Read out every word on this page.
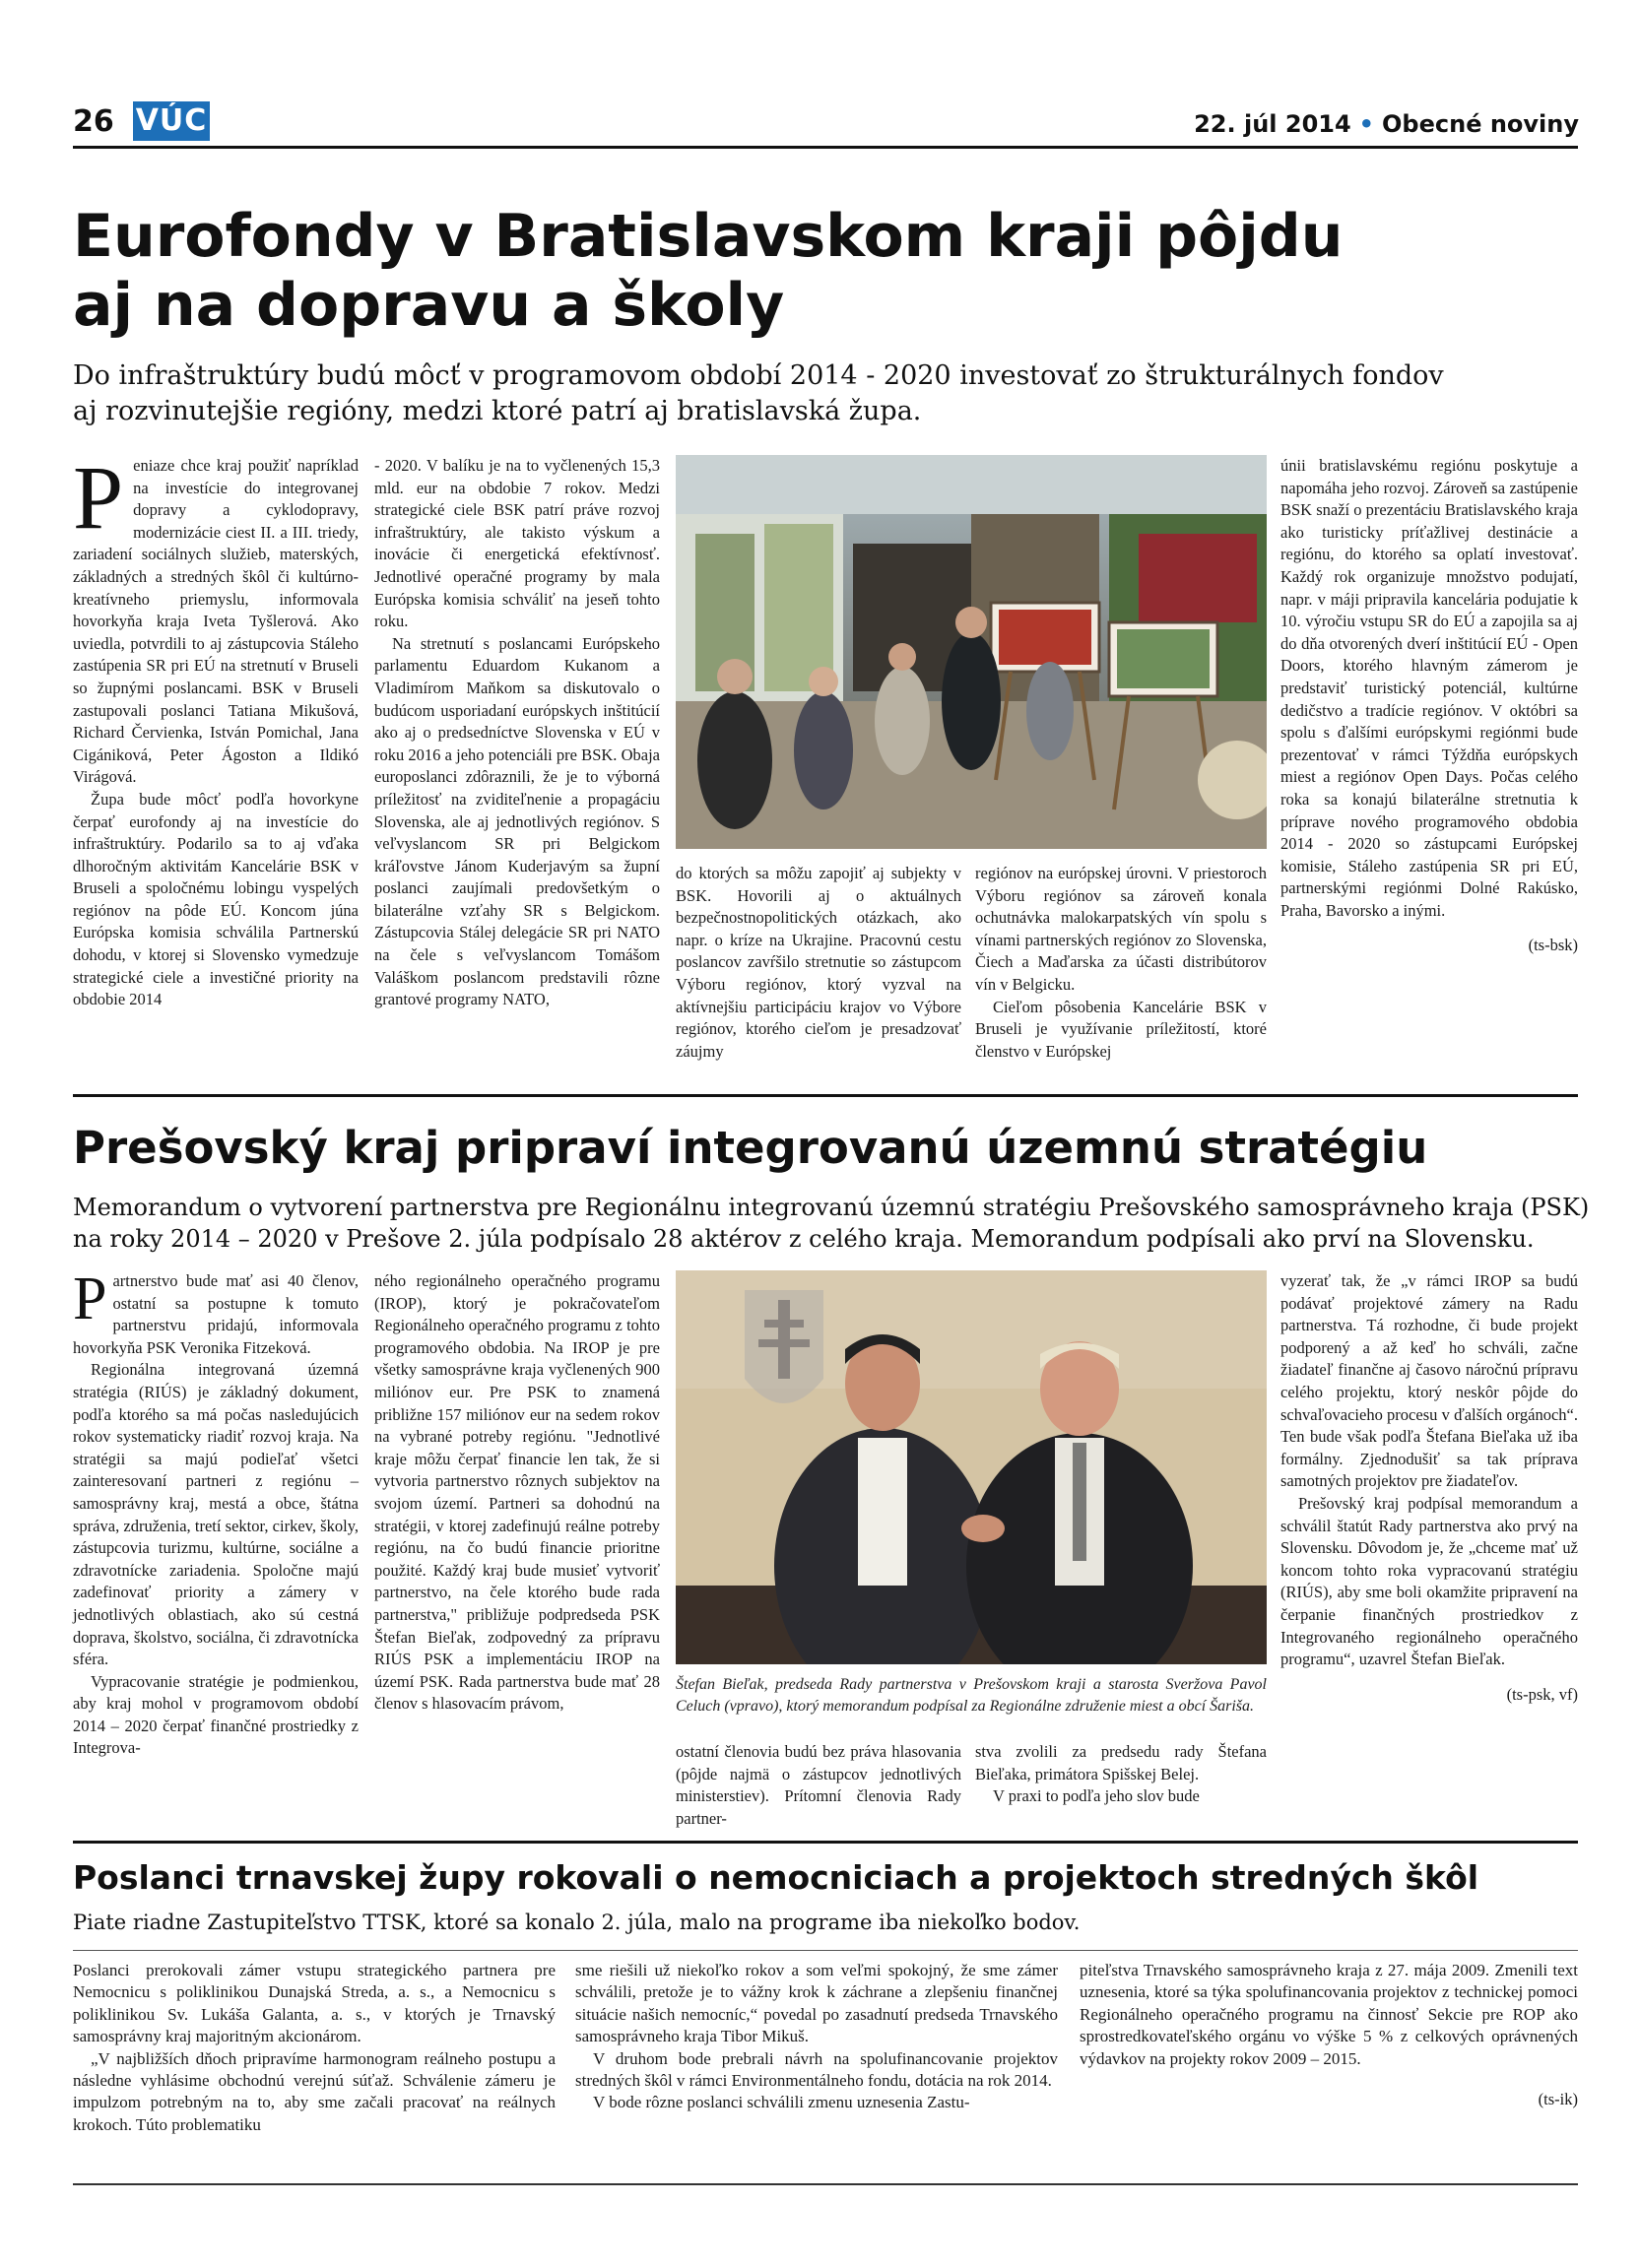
26 VÚC	22. júl 2014 • Obecné noviny
Eurofondy v Bratislavskom kraji pôjdu
aj na dopravu a školy
Do infraštruktúry budú môcť v programovom období 2014 - 2020 investovať zo štrukturálnych fondov
aj rozvinutejšie regióny, medzi ktoré patrí aj bratislavská župa.

Peniaze chce kraj použiť napríklad na investície do integrovanej dopravy a cyklodopravy, modernizácie ciest II. a III. triedy, zariadení sociálnych služieb, materských, základných a stredných škôl či kultúrno-kreatívneho priemyslu, informovala hovorkyňa kraja Iveta Tyšlerová. Ako uviedla, potvrdili to aj zástupcovia Stáleho zastúpenia SR pri EÚ na stretnutí v Bruseli so župnými poslancami. BSK v Bruseli zastupovali poslanci Tatiana Mikušová, Richard Červienka, István Pomichal, Jana Cigániková, Peter Ágoston a Ildikó Virágová.

Župa bude môcť podľa hovorkyne čerpať eurofondy aj na investície do infraštruktúry. Podarilo sa to aj vďaka dlhoročným aktivitám Kancelárie BSK v Bruseli a spoločnému lobingu vyspelých regiónov na pôde EÚ. Koncom júna Európska komisia schválila Partnerskú dohodu, v ktorej si Slovensko vymedzuje strategické ciele a investičné priority na obdobie 2014

- 2020. V balíku je na to vyčlenených 15,3 mld. eur na obdobie 7 rokov. Medzi strategické ciele BSK patrí práve rozvoj infraštruktúry, ale takisto výskum a inovácie či energetická efektívnosť. Jednotlivé operačné programy by mala Európska komisia schváliť na jeseň tohto roku.

Na stretnutí s poslancami Európskeho parlamentu Eduardom Kukanom a Vladimírom Maňkom sa diskutovalo o budúcom usporiadaní európskych inštitúcií ako aj o predsedníctve Slovenska v EÚ v roku 2016 a jeho potenciáli pre BSK. Obaja europoslanci zdôraznili, že je to výborná príležitosť na zviditeľnenie a propagáciu Slovenska, ale aj jednotlivých regiónov. S veľvyslancom SR pri Belgickom kráľovstve Jánom Kuderjavým sa župní poslanci zaujímali predovšetkým o bilaterálne vzťahy SR s Belgickom. Zástupcovia Stálej delegácie SR pri NATO na čele s veľvyslancom Tomášom Valáškom poslancom predstavili rôzne grantové programy NATO,

do ktorých sa môžu zapojiť aj subjekty v BSK. Hovorili aj o aktuálnych bezpečnostnopolitických otázkach, ako napr. o kríze na Ukrajine. Pracovnú cestu poslancov zavŕšilo stretnutie so zástupcom Výboru regiónov, ktorý vyzval na aktívnejšiu participáciu krajov vo Výbore regiónov, ktorého cieľom je presadzovať záujmy

regiónov na európskej úrovni. V priestoroch Výboru regiónov sa zároveň konala ochutnávka malokarpatských vín spolu s vínami partnerských regiónov zo Slovenska, Čiech a Maďarska za účasti distribútorov vín v Belgicku.

Cieľom pôsobenia Kancelárie BSK v Bruseli je využívanie príležitostí, ktoré členstvo v Európskej

únii bratislavskému regiónu poskytuje a napomáha jeho rozvoj. Zároveň sa zastúpenie BSK snaží o prezentáciu Bratislavského kraja ako turisticky príťažlivej destinácie a regiónu, do ktorého sa oplatí investovať. Každý rok organizuje množstvo podujatí, napr. v máji pripravila kancelária podujatie k 10. výročiu vstupu SR do EÚ a zapojila sa aj do dňa otvorených dverí inštitúcií EÚ - Open Doors, ktorého hlavným zámerom je predstaviť turistický potenciál, kultúrne dedičstvo a tradície regiónov. V októbri sa spolu s ďalšími európskymi regiónmi bude prezentovať v rámci Týždňa európskych miest a regiónov Open Days. Počas celého roka sa konajú bilaterálne stretnutia k príprave nového programového obdobia 2014 - 2020 so zástupcami Európskej komisie, Stáleho zastúpenia SR pri EÚ, partnerskými regiónmi Dolné Rakúsko, Praha, Bavorsko a inými.

(ts-bsk)
Prešovský kraj pripraví integrovanú územnú stratégiu
Memorandum o vytvorení partnerstva pre Regionálnu integrovanú územnú stratégiu Prešovského samosprávneho kraja (PSK)
na roky 2014 – 2020 v Prešove 2. júla podpísalo 28 aktérov z celého kraja. Memorandum podpísali ako prví na Slovensku.

Partnerstvo bude mať asi 40 členov, ostatní sa postupne k tomuto partnerstvu pridajú, informovala hovorkyňa PSK Veronika Fitzeková.

Regionálna integrovaná územná stratégia (RIÚS) je základný dokument, podľa ktorého sa má počas nasledujúcich rokov systematicky riadiť rozvoj kraja. Na stratégii sa majú podieľať všetci zainteresovaní partneri z regiónu – samosprávny kraj, mestá a obce, štátna správa, združenia, tretí sektor, cirkev, školy, zástupcovia turizmu, kultúrne, sociálne a zdravotnícke zariadenia. Spoločne majú zadefinovať priority a zámery v jednotlivých oblastiach, ako sú cestná doprava, školstvo, sociálna, či zdravotnícka sféra.

Vypracovanie stratégie je podmienkou, aby kraj mohol v programovom období 2014 – 2020 čerpať finančné prostriedky z Integrova-

ného regionálneho operačného programu (IROP), ktorý je pokračovateľom Regionálneho operačného programu z tohto programového obdobia. Na IROP je pre všetky samosprávne kraja vyčlenených 900 miliónov eur. Pre PSK to znamená približne 157 miliónov eur na sedem rokov na vybrané potreby regiónu. "Jednotlivé kraje môžu čerpať financie len tak, že si vytvoria partnerstvo rôznych subjektov na svojom území. Partneri sa dohodnú na stratégii, v ktorej zadefinujú reálne potreby regiónu, na čo budú financie prioritne použité. Každý kraj bude musieť vytvoriť partnerstvo, na čele ktorého bude rada partnerstva," približuje podpredseda PSK Štefan Bieľak, zodpovedný za prípravu RIÚS PSK a implementáciu IROP na území PSK. Rada partnerstva bude mať 28 členov s hlasovacím právom,

Štefan Bieľak, predseda Rady partnerstva v Prešovskom kraji a starosta Sveržova Pavol Celuch (vpravo), ktorý memorandum podpísal za Regionálne združenie miest a obcí Šariša.

ostatní členovia budú bez práva hlasovania (pôjde najmä o zástupcov jednotlivých ministerstiev). Prítomní členovia Rady partner-

stva zvolili za predsedu rady Štefana Bieľaka, primátora Spišskej Belej.

V praxi to podľa jeho slov bude

vyzerať tak, že „v rámci IROP sa budú podávať projektové zámery na Radu partnerstva. Tá rozhodne, či bude projekt podporený a až keď ho schváli, začne žiadateľ finančne aj časovo náročnú prípravu celého projektu, ktorý neskôr pôjde do schvaľovacieho procesu v ďalších orgánoch“. Ten bude však podľa Štefana Bieľaka už iba formálny. Zjednodušiť sa tak príprava samotných projektov pre žiadateľov.

Prešovský kraj podpísal memorandum a schválil štatút Rady partnerstva ako prvý na Slovensku. Dôvodom je, že „chceme mať už koncom tohto roka vypracovanú stratégiu (RIÚS), aby sme boli okamžite pripravení na čerpanie finančných prostriedkov z Integrovaného regionálneho operačného programu“, uzavrel Štefan Bieľak.

(ts-psk, vf)
Poslanci trnavskej župy rokovali o nemocniciach a projektoch stredných škôl
Piate riadne Zastupiteľstvo TTSK, ktoré sa konalo 2. júla, malo na programe iba niekoľko bodov.

Poslanci prerokovali zámer vstupu strategického partnera pre Nemocnicu s poliklinikou Dunajská Streda, a. s., a Nemocnicu s poliklinikou Sv. Lukáša Galanta, a. s., v ktorých je Trnavský samosprávny kraj majoritným akcionárom.

„V najbližších dňoch pripravíme harmonogram reálneho postupu a následne vyhlásime obchodnú verejnú súťaž. Schválenie zámeru je impulzom potrebným na to, aby sme začali pracovať na reálnych krokoch. Túto problematiku

sme riešili už niekoľko rokov a som veľmi spokojný, že sme zámer schválili, pretože je to vážny krok k záchrane a zlepšeniu finančnej situácie našich nemocníc,“ povedal po zasadnutí predseda Trnavského samosprávneho kraja Tibor Mikuš.

V druhom bode prebrali návrh na spolufinancovanie projektov stredných škôl v rámci Environmentálneho fondu, dotácia na rok 2014.

V bode rôzne poslanci schválili zmenu uznesenia Zastu-

piteľstva Trnavského samosprávneho kraja z 27. mája 2009. Zmenili text uznesenia, ktoré sa týka spolufinancovania projektov z technickej pomoci Regionálneho operačného programu na činnosť Sekcie pre ROP ako sprostredkovateľského orgánu vo výške 5 % z celkových oprávnených výdavkov na projekty rokov 2009 – 2015.

(ts-ik)
